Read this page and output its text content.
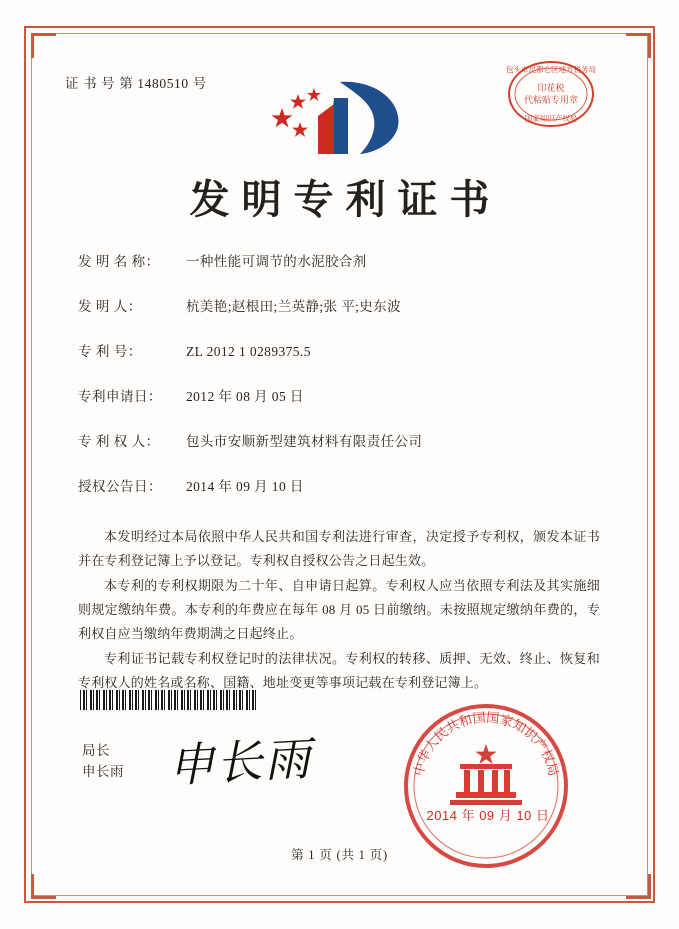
证 书 号 第 1480510 号	印花税
代粘贴专用章
包头市昆都仑区地方税务局
国家知识产权局
发明专利证书
发 明 名 称：	一种性能可调节的水泥胶合剂
发 明 人：	杭美艳;赵根田;兰英静;张 平;史东波
专 利 号：	ZL 2012 1 0289375.5
专利申请日：	2012 年 08 月 05 日
专 利 权 人：	包头市安顺新型建筑材料有限责任公司
授权公告日：	2014 年 09 月 10 日

本发明经过本局依照中华人民共和国专利法进行审查，决定授予专利权，颁发本证书并在专利登记簿上予以登记。专利权自授权公告之日起生效。

本专利的专利权期限为二十年、自申请日起算。专利权人应当依照专利法及其实施细则规定缴纳年费。本专利的年费应在每年 08 月 05 日前缴纳。未按照规定缴纳年费的，专利权自应当缴纳年费期满之日起终止。

专利证书记载专利权登记时的法律状况。专利权的转移、质押、无效、终止、恢复和专利权人的姓名或名称、国籍、地址变更等事项记载在专利登记簿上。

局长
申长雨 申长雨	中华人民共和国国家知识产权局
2014 年 09 月 10 日
第 1 页 (共 1 页)
